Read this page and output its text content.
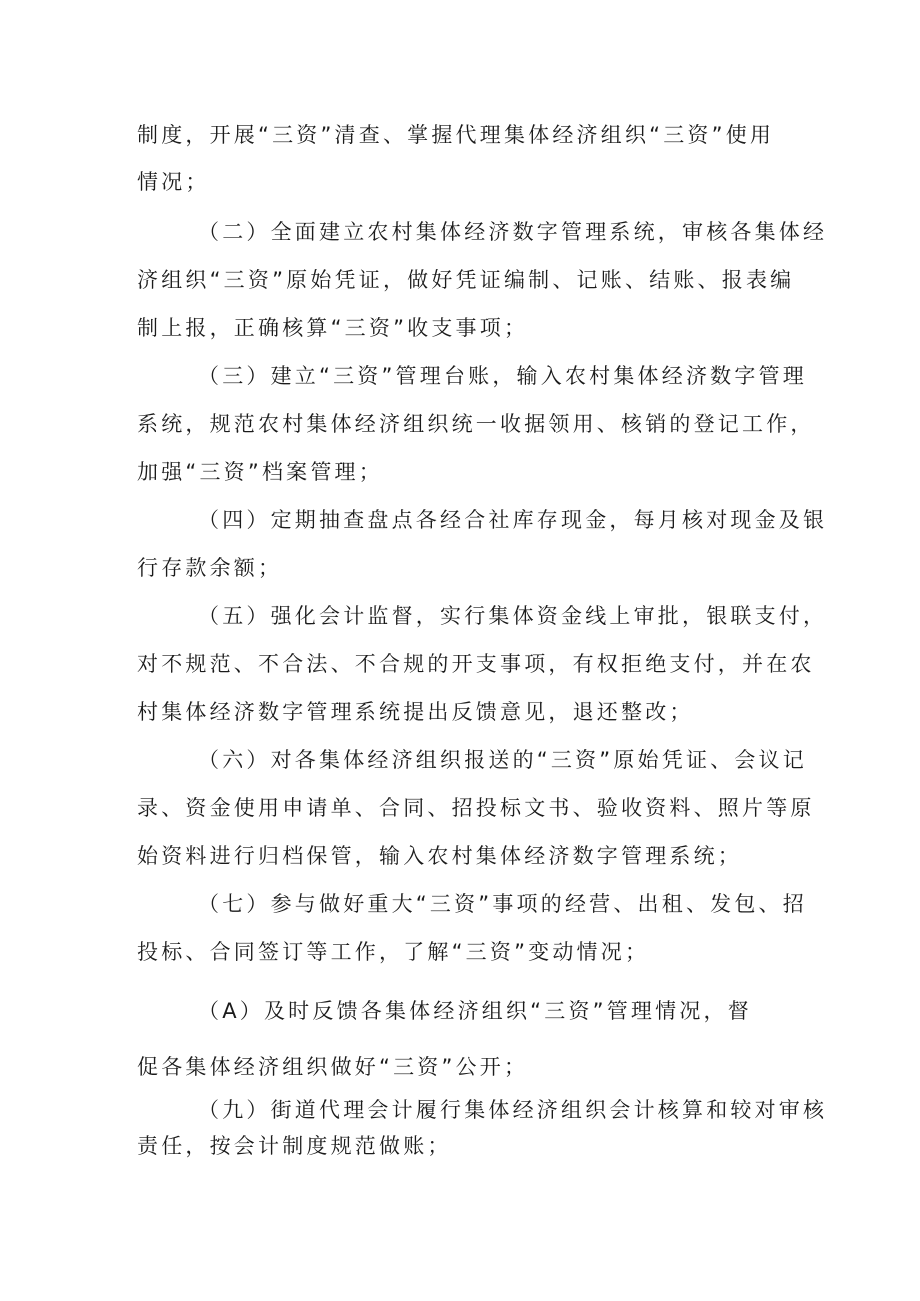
制度，开展“三资”清查、掌握代理集体经济组织“三资”使用
情况；
（二）全面建立农村集体经济数字管理系统，审核各集体经
济组织“三资”原始凭证，做好凭证编制、记账、结账、报表编
制上报，正确核算“三资”收支事项；
（三）建立“三资”管理台账，输入农村集体经济数字管理
系统，规范农村集体经济组织统一收据领用、核销的登记工作，
加强“三资”档案管理；
（四）定期抽查盘点各经合社库存现金，每月核对现金及银
行存款余额；
（五）强化会计监督，实行集体资金线上审批，银联支付，
对不规范、不合法、不合规的开支事项，有权拒绝支付，并在农
村集体经济数字管理系统提出反馈意见，退还整改；
（六）对各集体经济组织报送的“三资”原始凭证、会议记
录、资金使用申请单、合同、招投标文书、验收资料、照片等原
始资料进行归档保管，输入农村集体经济数字管理系统；
（七）参与做好重大“三资”事项的经营、出租、发包、招
投标、合同签订等工作，了解“三资”变动情况；
（A）及时反馈各集体经济组织“三资”管理情况，督
促各集体经济组织做好“三资”公开；
（九）街道代理会计履行集体经济组织会计核算和较对审核
责任，按会计制度规范做账；
